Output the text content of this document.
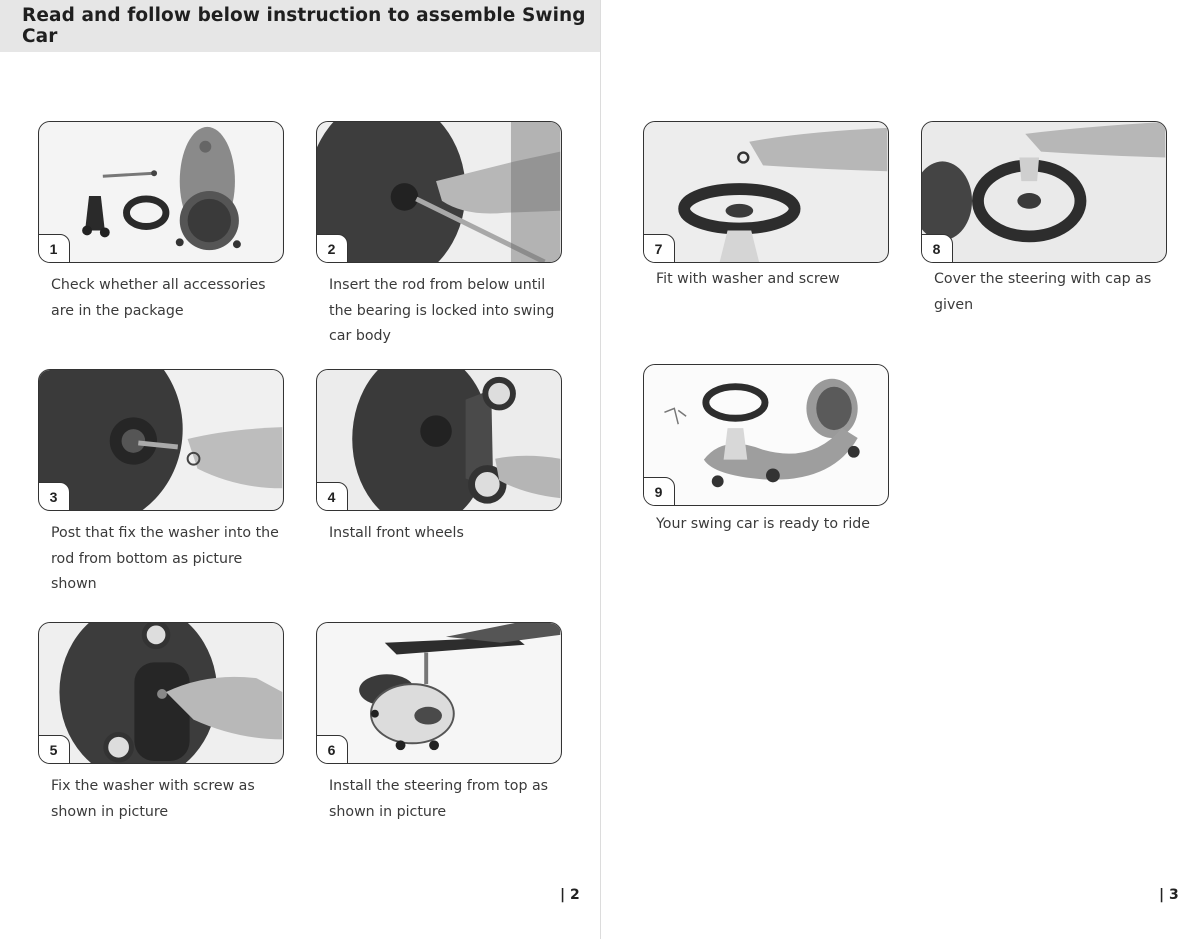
Read and follow below instruction to assemble Swing Car
1
Check whether all accessories are in the package
2
Insert the rod from below until the bearing is locked into swing car body
3
Post that fix the washer into the rod from bottom as picture shown
4
Install front wheels
5
Fix the washer with screw as shown in picture
6
Install the steering from top as shown in picture
| 2
7
Fit with washer and screw
8
Cover the steering with cap as given
9
Your swing car is ready to ride
| 3
